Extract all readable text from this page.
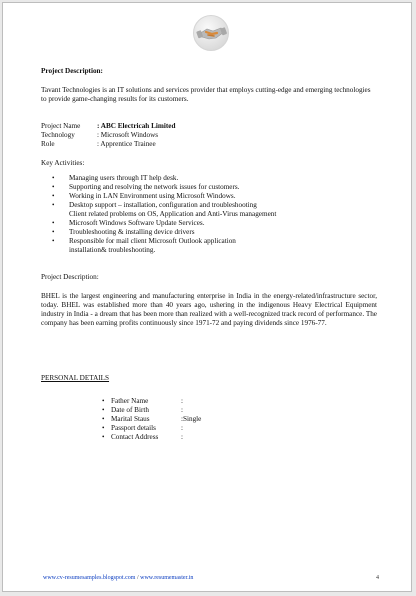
Project Description:

Tavant Technologies is an IT solutions and services provider that employs cutting-edge and emerging technologies to provide game-changing results for its customers.

Project Name	: ABC Electricah Limited
Technology	: Microsoft Windows
Role	: Apprentice Trainee

Key Activities:

• Managing users through IT help desk.
• Supporting and resolving the network issues for customers.
• Working in LAN Environment using Microsoft Windows.
• Desktop support – installation, configuration and troubleshooting
Client related problems on OS, Application and Anti-Virus management
• Microsoft Windows Software Update Services.
• Troubleshooting & installing device drivers
• Responsible for mail client Microsoft Outlook application
installation& troubleshooting.

Project Description:

BHEL is the largest engineering and manufacturing enterprise in India in the energy-related/infrastructure sector, today. BHEL was established more than 40 years ago, ushering in the indigenous Heavy Electrical Equipment industry in India - a dream that has been more than realized with a well-recognized track record of performance. The company has been earning profits continuously since 1971-72 and paying dividends since 1976-77.

PERSONAL DETAILS

• Father Name	:
• Date of Birth	:
• Marital Staus	:Single
• Passport details	:
• Contact Address	:
www.cv-resumesamples.blogspot.com / www.resumemaster.in	4
